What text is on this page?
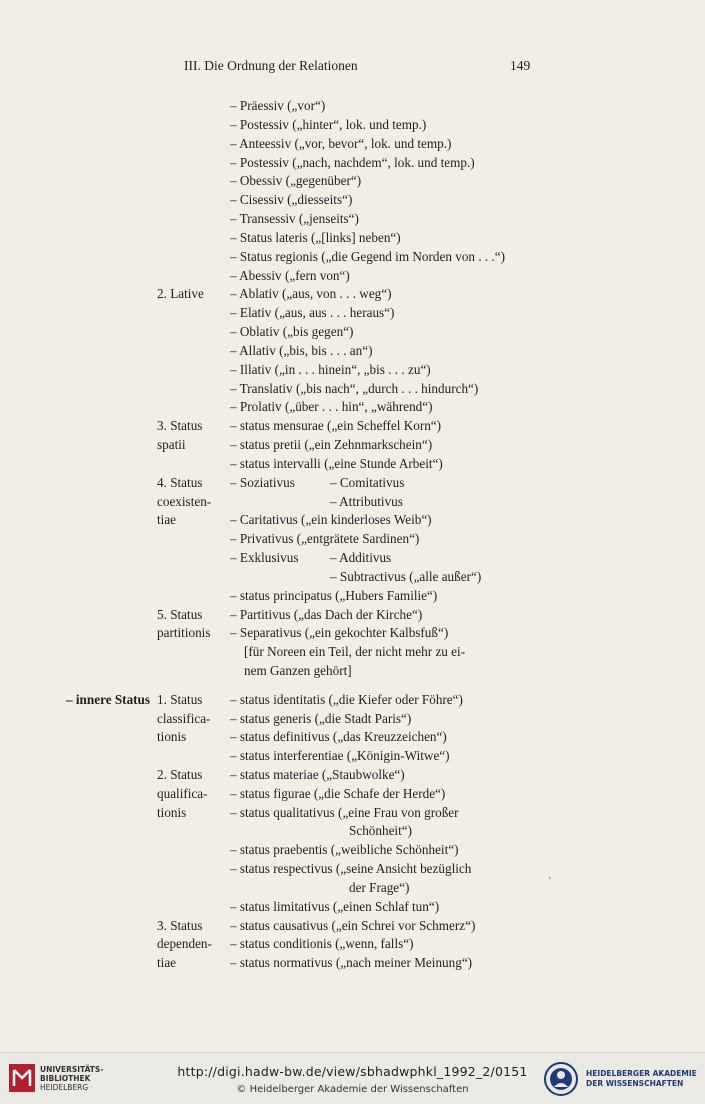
III. Die Ordnung der Relationen	149
– Präessiv („vor“)
– Postessiv („hinter“, lok. und temp.)
– Anteessiv („vor, bevor“, lok. und temp.)
– Postessiv („nach, nachdem“, lok. und temp.)
– Obessiv („gegenüber“)
– Cisessiv („diesseits“)
– Transessiv („jenseits“)
– Status lateris („[links] neben“)
– Status regionis („die Gegend im Norden von . . .“)
– Abessiv („fern von“)
2. Lative – Ablativ („aus, von . . . weg“)
– Elativ („aus, aus . . . heraus“)
– Oblativ („bis gegen“)
– Allativ („bis, bis . . . an“)
– Illativ („in . . . hinein“, „bis . . . zu“)
– Translativ („bis nach“, „durch . . . hindurch“)
– Prolativ („über . . . hin“, „während“)
3. Status – status mensurae („ein Scheffel Korn“)
spatii	– status pretii („ein Zehnmarkschein“)
– status intervalli („eine Stunde Arbeit“)
4. Status – Soziativus	– Comitativus
coexisten-	– Attributivus
tiae	– Caritativus („ein kinderloses Weib“)
– Privativus („entgrätete Sardinen“)
– Exklusivus – Additivus
– Subtractivus („alle außer“)
– status principatus („Hubers Familie“)
5. Status – Partitivus („das Dach der Kirche“)
partitionis – Separativus („ein gekochter Kalbsfuß“)
[für Noreen ein Teil, der nicht mehr zu ei-
nem Ganzen gehört]
– innere Status 1. Status – status identitatis („die Kiefer oder Föhre“)
classifica- – status generis („die Stadt Paris“)
tionis	– status definitivus („das Kreuzzeichen“)
– status interferentiae („Königin-Witwe“)
2. Status – status materiae („Staubwolke“)
qualifica- – status figurae („die Schafe der Herde“)
tionis	– status qualitativus („eine Frau von großer
Schönheit“)
– status praebentis („weibliche Schönheit“)
– status respectivus („seine Ansicht bezüglich
der Frage“)
– status limitativus („einen Schlaf tun“)
3. Status – status causativus („ein Schrei vor Schmerz“)
dependen- – status conditionis („wenn, falls“)
tiae	– status normativus („nach meiner Meinung“)
ʻ
UNIVERSITÄTS-
BIBLIOTHEK
HEIDELBERG
http://digi.hadw-bw.de/view/sbhadwphkl_1992_2/0151
© Heidelberger Akademie der Wissenschaften
HEIDELBERGER AKADEMIE
DER WISSENSCHAFTEN
